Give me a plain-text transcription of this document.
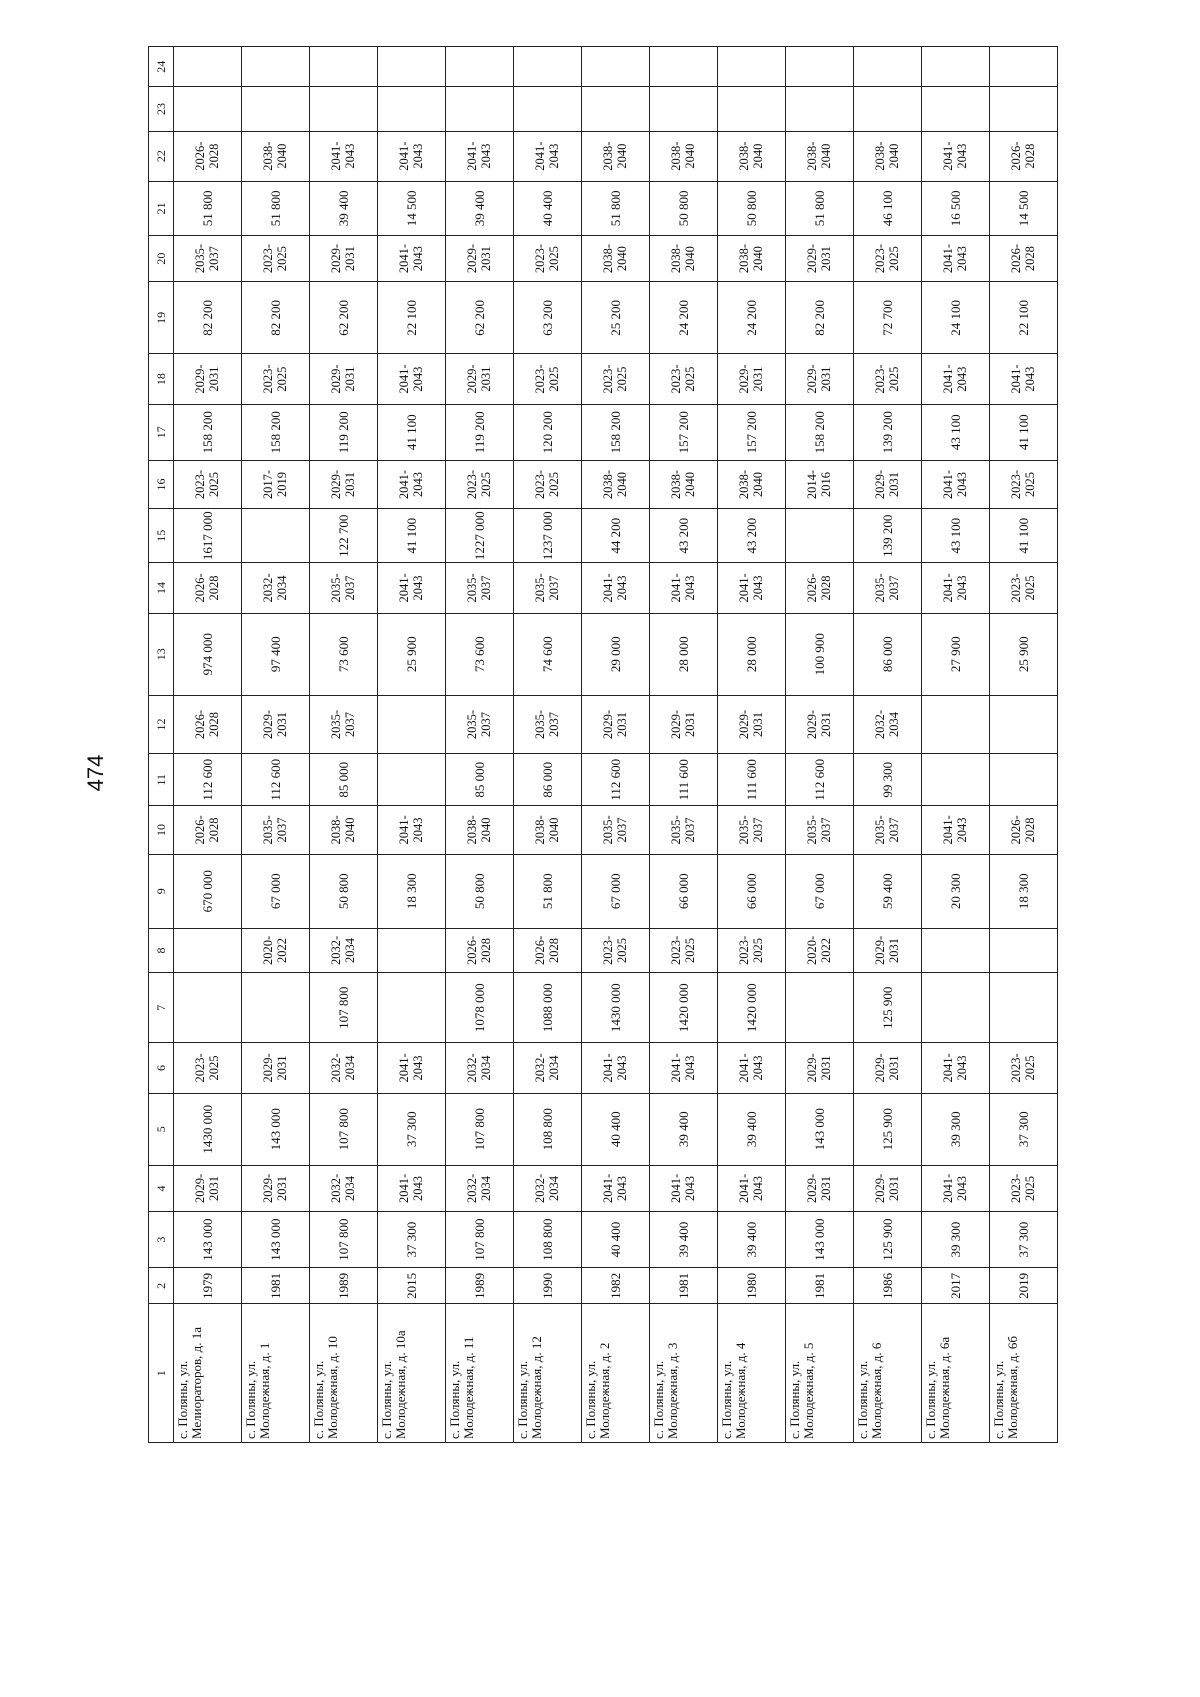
474
1	2	3	4	5	6	7	8	9	10	11	12	13	14	15	16	17	18	19	20	21	22	23	24
с. Поляны, ул. Мелиораторов, д. 1а	1979	143 000	2029-2031	1430 000	2023-2025			670 000	2026-2028	112 600	2026-2028	974 000	2026-2028	1617 000	2023-2025	158 200	2029-2031	82 200	2035-2037	51 800	2026-2028		
с. Поляны, ул. Молодежная, д. 1	1981	143 000	2029-2031	143 000	2029-2031		2020-2022	67 000	2035-2037	112 600	2029-2031	97 400	2032-2034		2017-2019	158 200	2023-2025	82 200	2023-2025	51 800	2038-2040		
с. Поляны, ул. Молодежная, д. 10	1989	107 800	2032-2034	107 800	2032-2034	107 800	2032-2034	50 800	2038-2040	85 000	2035-2037	73 600	2035-2037	122 700	2029-2031	119 200	2029-2031	62 200	2029-2031	39 400	2041-2043		
с. Поляны, ул. Молодежная, д. 10а	2015	37 300	2041-2043	37 300	2041-2043			18 300	2041-2043			25 900	2041-2043	41 100	2041-2043	41 100	2041-2043	22 100	2041-2043	14 500	2041-2043		
с. Поляны, ул. Молодежная, д. 11	1989	107 800	2032-2034	107 800	2032-2034	1078 000	2026-2028	50 800	2038-2040	85 000	2035-2037	73 600	2035-2037	1227 000	2023-2025	119 200	2029-2031	62 200	2029-2031	39 400	2041-2043		
с. Поляны, ул. Молодежная, д. 12	1990	108 800	2032-2034	108 800	2032-2034	1088 000	2026-2028	51 800	2038-2040	86 000	2035-2037	74 600	2035-2037	1237 000	2023-2025	120 200	2023-2025	63 200	2023-2025	40 400	2041-2043		
с. Поляны, ул. Молодежная, д. 2	1982	40 400	2041-2043	40 400	2041-2043	1430 000	2023-2025	67 000	2035-2037	112 600	2029-2031	29 000	2041-2043	44 200	2038-2040	158 200	2023-2025	25 200	2038-2040	51 800	2038-2040		
с. Поляны, ул. Молодежная, д. 3	1981	39 400	2041-2043	39 400	2041-2043	1420 000	2023-2025	66 000	2035-2037	111 600	2029-2031	28 000	2041-2043	43 200	2038-2040	157 200	2023-2025	24 200	2038-2040	50 800	2038-2040		
с. Поляны, ул. Молодежная, д. 4	1980	39 400	2041-2043	39 400	2041-2043	1420 000	2023-2025	66 000	2035-2037	111 600	2029-2031	28 000	2041-2043	43 200	2038-2040	157 200	2029-2031	24 200	2038-2040	50 800	2038-2040		
с. Поляны, ул. Молодежная, д. 5	1981	143 000	2029-2031	143 000	2029-2031		2020-2022	67 000	2035-2037	112 600	2029-2031	100 900	2026-2028		2014-2016	158 200	2029-2031	82 200	2029-2031	51 800	2038-2040		
с. Поляны, ул. Молодежная, д. 6	1986	125 900	2029-2031	125 900	2029-2031	125 900	2029-2031	59 400	2035-2037	99 300	2032-2034	86 000	2035-2037	139 200	2029-2031	139 200	2023-2025	72 700	2023-2025	46 100	2038-2040		
с. Поляны, ул. Молодежная, д. 6а	2017	39 300	2041-2043	39 300	2041-2043			20 300	2041-2043			27 900	2041-2043	43 100	2041-2043	43 100	2041-2043	24 100	2041-2043	16 500	2041-2043		
с. Поляны, ул. Молодежная, д. 6б	2019	37 300	2023-2025	37 300	2023-2025			18 300	2026-2028			25 900	2023-2025	41 100	2023-2025	41 100	2041-2043	22 100	2026-2028	14 500	2026-2028		
